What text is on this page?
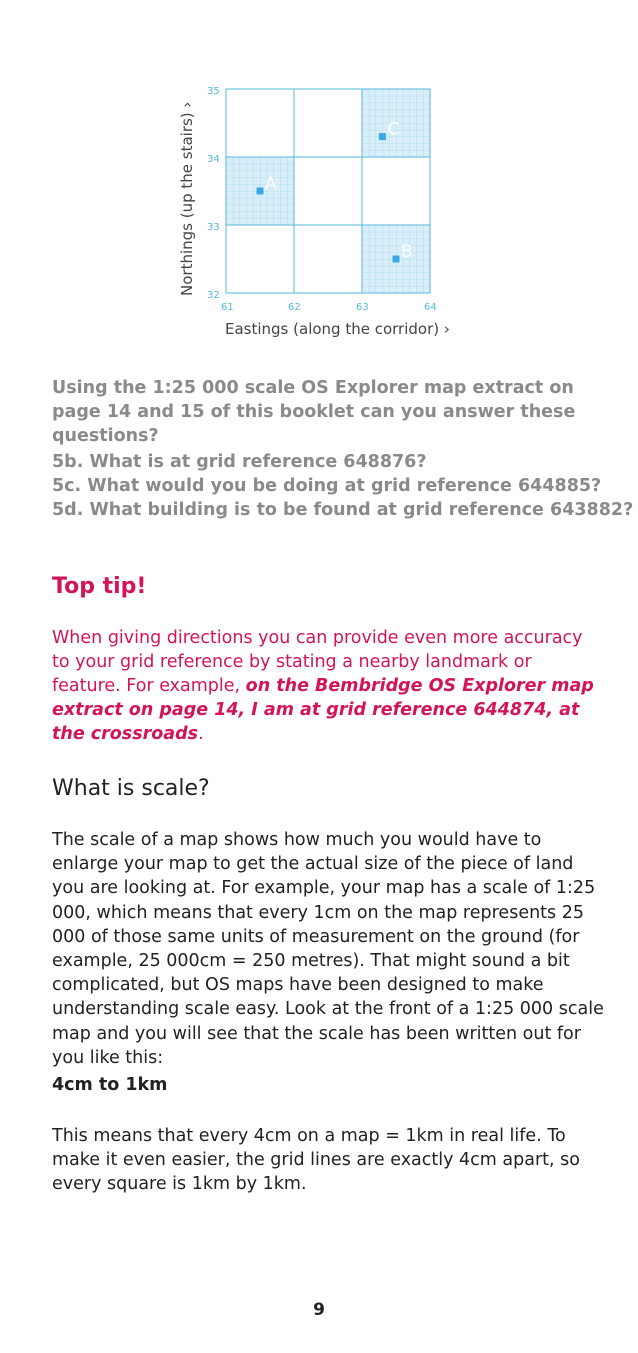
35
34
33
32
61	62	63	64
Northings (up the stairs) ›
Eastings (along the corridor) ›
A
B
C
Using the 1:25 000 scale OS Explorer map extract on page 14 and 15 of this booklet can you answer these questions?
5b. What is at grid reference 648876?
5c. What would you be doing at grid reference 644885?
5d. What building is to be found at grid reference 643882?
Top tip!
When giving directions you can provide even more accuracy to your grid reference by stating a nearby landmark or feature. For example, on the Bembridge OS Explorer map extract on page 14, I am at grid reference 644874, at the crossroads.
What is scale?
The scale of a map shows how much you would have to enlarge your map to get the actual size of the piece of land you are looking at. For example, your map has a scale of 1:25 000, which means that every 1cm on the map represents 25 000 of those same units of measurement on the ground (for example, 25 000cm = 250 metres). That might sound a bit complicated, but OS maps have been designed to make understanding scale easy. Look at the front of a 1:25 000 scale map and you will see that the scale has been written out for you like this:
4cm to 1km
This means that every 4cm on a map = 1km in real life. To make it even easier, the grid lines are exactly 4cm apart, so every square is 1km by 1km.
9
